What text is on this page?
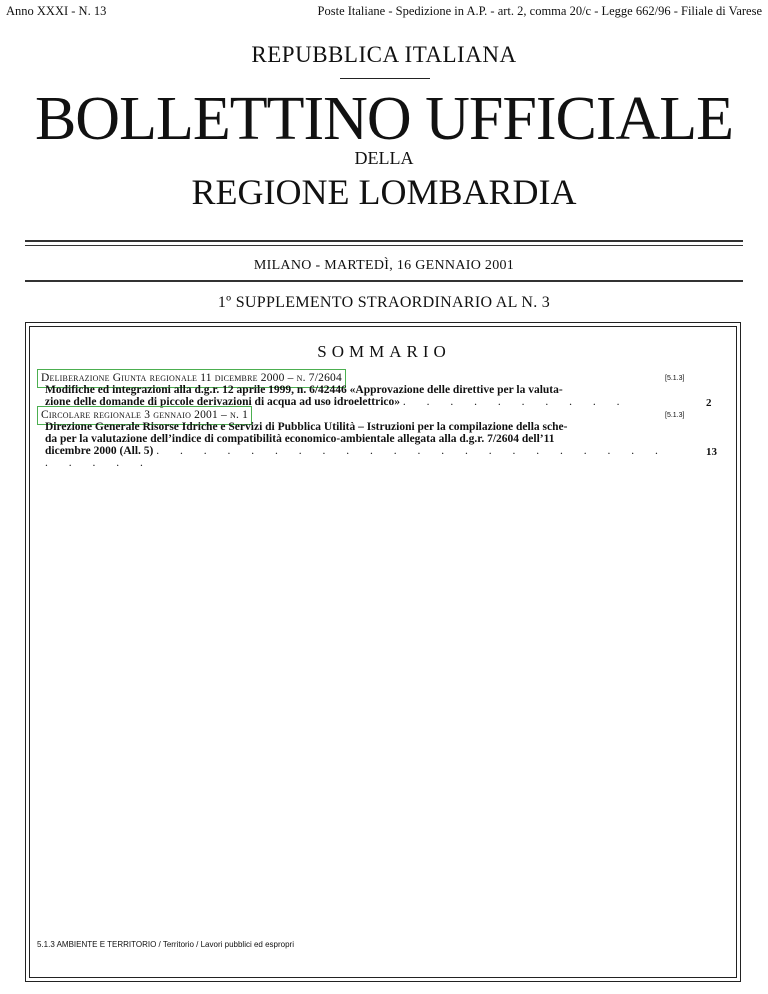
Anno XXXI - N. 13	Poste Italiane - Spedizione in A.P. - art. 2, comma 20/c - Legge 662/96 - Filiale di Varese
REPUBBLICA ITALIANA
BOLLETTINO UFFICIALE
DELLA
REGIONE LOMBARDIA
MILANO - MARTEDÌ, 16 GENNAIO 2001
1º SUPPLEMENTO STRAORDINARIO AL N. 3
SOMMARIO
Deliberazione Giunta regionale 11 dicembre 2000 – n. 7/2604	[5.1.3]
Modifiche ed integrazioni alla d.g.r. 12 aprile 1999, n. 6/42446 «Approvazione delle direttive per la valuta-
zione delle domande di piccole derivazioni di acqua ad uso idroelettrico» . . . . . . . . . .	2
Circolare regionale 3 gennaio 2001 – n. 1	[5.1.3]
Direzione Generale Risorse Idriche e Servizi di Pubblica Utilità – Istruzioni per la compilazione della sche-
da per la valutazione dell’indice di compatibilità economico-ambientale allegata alla d.g.r. 7/2604 dell’11
dicembre 2000 (All. 5) . . . . . . . . . . . . . . . . . . . . . . . . . . .
13
5.1.3 AMBIENTE E TERRITORIO / Territorio / Lavori pubblici ed espropri
